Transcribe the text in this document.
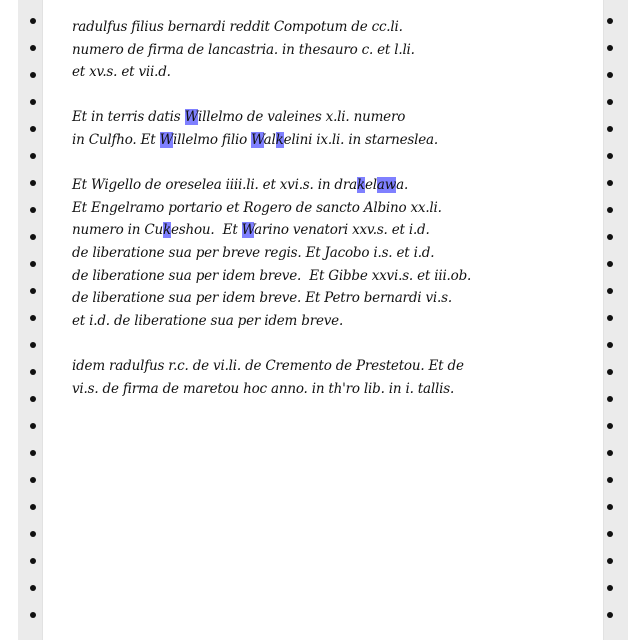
radulfus filius bernardi reddit Compotum de cc.li.
numero de firma de lancastria. in thesauro c. et l.li.
et xv.s. et vii.d.
Et in terris datis Willelmo de valeines x.li. numero
in Culfho. Et Willelmo filio Walkelini ix.li. in starneslea.
Et Wigello de oreselea iiii.li. et xvi.s. in drakelawa.
Et Engelramo portario et Rogero de sancto Albino xx.li.
numero in Cukeshou.  Et Warino venatori xxv.s. et i.d.
de liberatione sua per breve regis. Et Jacobo i.s. et i.d.
de liberatione sua per idem breve.  Et Gibbe xxvi.s. et iii.ob.
de liberatione sua per idem breve. Et Petro bernardi vi.s.
et i.d. de liberatione sua per idem breve.
idem radulfus r.c. de vi.li. de Cremento de Prestetou. Et de
vi.s. de firma de maretou hoc anno. in th'ro lib. in i. tallis.
